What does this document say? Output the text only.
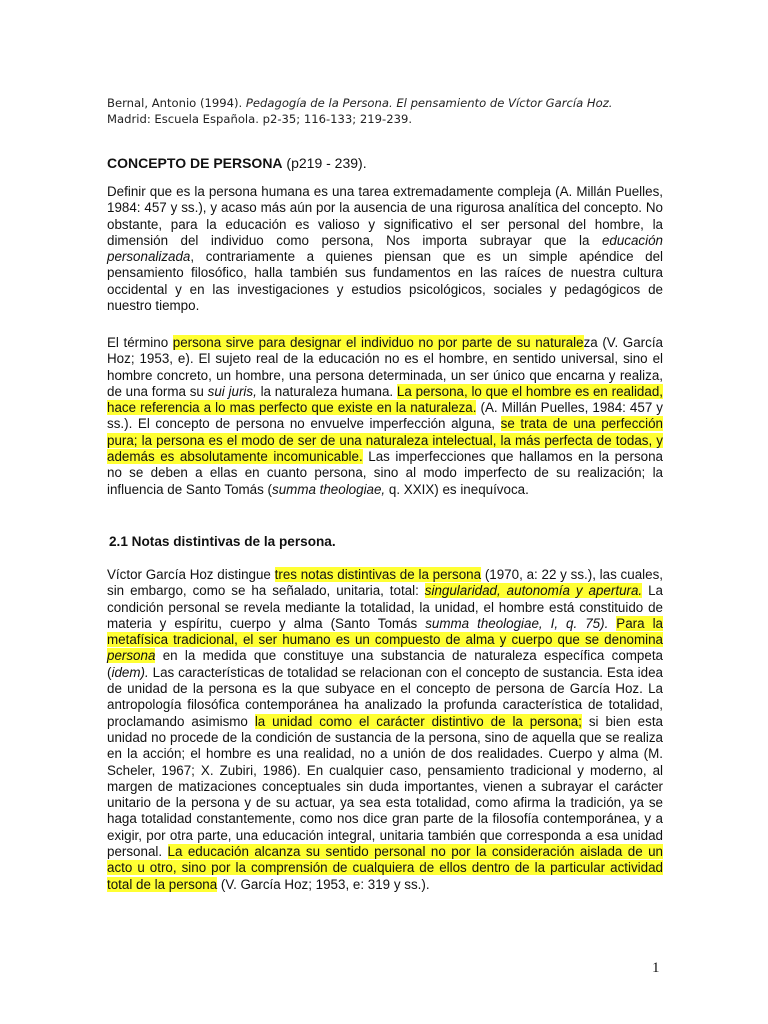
Bernal, Antonio (1994). Pedagogía de la Persona. El pensamiento de Víctor García Hoz.
Madrid: Escuela Española. p2-35; 116-133; 219-239.
CONCEPTO DE PERSONA (p219 - 239).

Definir que es la persona humana es una tarea extremadamente compleja (A. Millán Puelles, 1984: 457 y ss.), y acaso más aún por la ausencia de una rigurosa analítica del concepto. No obstante, para la educación es valioso y significativo el ser personal del hombre, la dimensión del individuo como persona, Nos importa subrayar que la educación personalizada, contrariamente a quienes piensan que es un simple apéndice del pensamiento filosófico, halla también sus fundamentos en las raíces de nuestra cultura occidental y en las investigaciones y estudios psicológicos, sociales y pedagógicos de nuestro tiempo.

El término persona sirve para designar el individuo no por parte de su naturaleza (V. García Hoz; 1953, e). El sujeto real de la educación no es el hombre, en sentido universal, sino el hombre concreto, un hombre, una persona determinada, un ser único que encarna y realiza, de una forma su sui juris, la naturaleza humana. La persona, lo que el hombre es en realidad, hace referencia a lo mas perfecto que existe en la naturaleza. (A. Millán Puelles, 1984: 457 y ss.). El concepto de persona no envuelve imperfección alguna, se trata de una perfección pura; la persona es el modo de ser de una naturaleza intelectual, la más perfecta de todas, y además es absolutamente incomunicable. Las imperfecciones que hallamos en la persona no se deben a ellas en cuanto persona, sino al modo imperfecto de su realización; la influencia de Santo Tomás (summa theologiae, q. XXIX) es inequívoca.

2.1 Notas distintivas de la persona.

Víctor García Hoz distingue tres notas distintivas de la persona (1970, a: 22 y ss.), las cuales, sin embargo, como se ha señalado, unitaria, total: singularidad, autonomía y apertura. La condición personal se revela mediante la totalidad, la unidad, el hombre está constituido de materia y espíritu, cuerpo y alma (Santo Tomás summa theologiae, I, q. 75). Para la metafísica tradicional, el ser humano es un compuesto de alma y cuerpo que se denomina persona en la medida que constituye una substancia de naturaleza específica competa (idem). Las características de totalidad se relacionan con el concepto de sustancia. Esta idea de unidad de la persona es la que subyace en el concepto de persona de García Hoz. La antropología filosófica contemporánea ha analizado la profunda característica de totalidad, proclamando asimismo la unidad como el carácter distintivo de la persona; si bien esta unidad no procede de la condición de sustancia de la persona, sino de aquella que se realiza en la acción; el hombre es una realidad, no a unión de dos realidades. Cuerpo y alma (M. Scheler, 1967; X. Zubiri, 1986). En cualquier caso, pensamiento tradicional y moderno, al margen de matizaciones conceptuales sin duda importantes, vienen a subrayar el carácter unitario de la persona y de su actuar, ya sea esta totalidad, como afirma la tradición, ya se haga totalidad constantemente, como nos dice gran parte de la filosofía contemporánea, y a exigir, por otra parte, una educación integral, unitaria también que corresponda a esa unidad personal. La educación alcanza su sentido personal no por la consideración aislada de un acto u otro, sino por la comprensión de cualquiera de ellos dentro de la particular actividad total de la persona (V. García Hoz; 1953, e: 319 y ss.).

1
